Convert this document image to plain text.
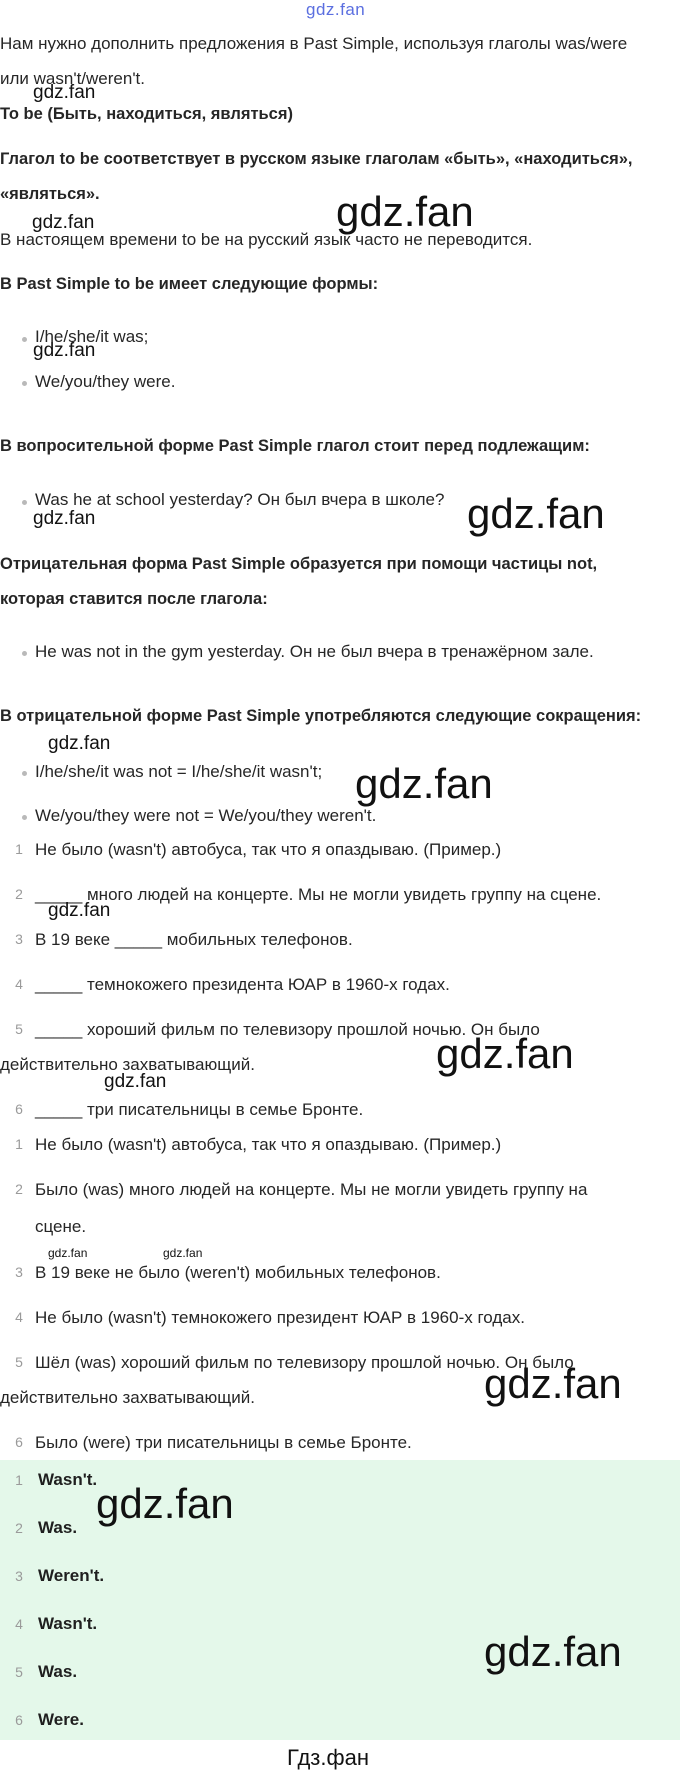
gdz.fan
Нам нужно дополнить предложения в Past Simple, используя глаголы was/were
или wasn't/weren't.
To be (Быть, находиться, являться)
Глагол to be соответствует в русском языке глаголам «быть», «находиться»,
«являться».
В настоящем времени to be на русский язык часто не переводится.
В Past Simple to be имеет следующие формы:
I/he/she/it was;
We/you/they were.
В вопросительной форме Past Simple глагол стоит перед подлежащим:
Was he at school yesterday? Он был вчера в школе?
Отрицательная форма Past Simple образуется при помощи частицы not,
которая ставится после глагола:
He was not in the gym yesterday. Он не был вчера в тренажёрном зале.
В отрицательной форме Past Simple употребляются следующие сокращения:
I/he/she/it was not = I/he/she/it wasn't;
We/you/they were not = We/you/they weren't.
1 Не было (wasn't) автобуса, так что я опаздываю. (Пример.)
2 _____ много людей на концерте. Мы не могли увидеть группу на сцене.
3 В 19 веке _____ мобильных телефонов.
4 _____ темнокожего президента ЮАР в 1960-х годах.
5 _____ хороший фильм по телевизору прошлой ночью. Он было
действительно захватывающий.
6 _____ три писательницы в семье Бронте.
1 Не было (wasn't) автобуса, так что я опаздываю. (Пример.)
2 Было (was) много людей на концерте. Мы не могли увидеть группу на
сцене.
3 В 19 веке не было (weren't) мобильных телефонов.
4 Не было (wasn't) темнокожего президент ЮАР в 1960-х годах.
5 Шёл (was) хороший фильм по телевизору прошлой ночью. Он было
действительно захватывающий.
6 Было (were) три писательницы в семье Бронте.
1 Wasn't.
2 Was.
3 Weren't.
4 Wasn't.
5 Was.
6 Were.
gdz.fan
gdz.fan
gdz.fan
gdz.fan
gdz.fan
gdz.fan
gdz.fan
gdz.fan
gdz.fan
gdz.fan
gdz.fan
gdz.fan	gdz.fan
gdz.fan
gdz.fan
gdz.fan
Гдз.фан
